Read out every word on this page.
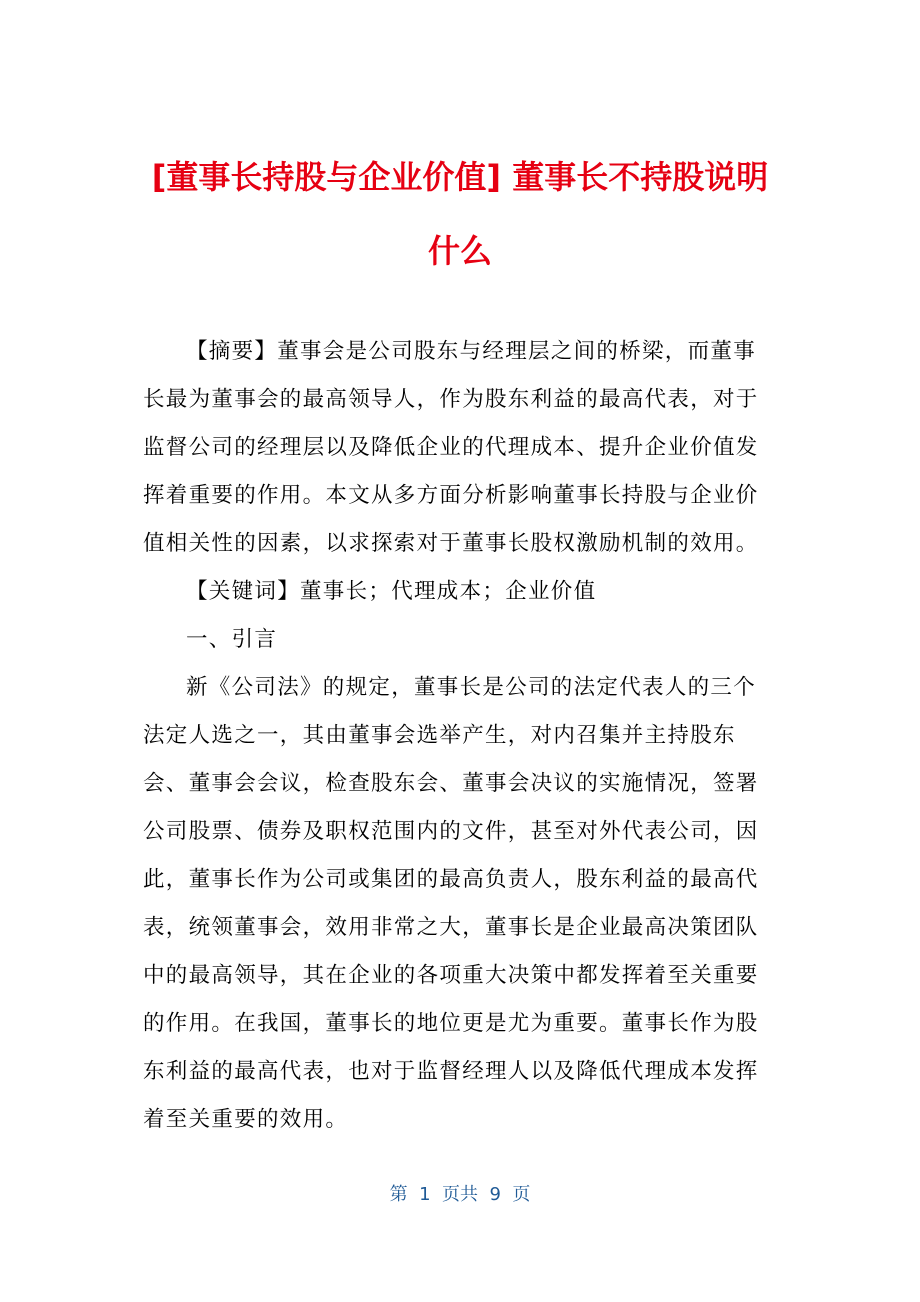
[董事长持股与企业价值] 董事长不持股说明
什么
【摘要】董事会是公司股东与经理层之间的桥梁，而董事
长最为董事会的最高领导人，作为股东利益的最高代表，对于
监督公司的经理层以及降低企业的代理成本、提升企业价值发
挥着重要的作用。本文从多方面分析影响董事长持股与企业价
值相关性的因素，以求探索对于董事长股权激励机制的效用。
【关键词】董事长；代理成本；企业价值
一、引言
新《公司法》的规定，董事长是公司的法定代表人的三个
法定人选之一，其由董事会选举产生，对内召集并主持股东
会、董事会会议，检查股东会、董事会决议的实施情况，签署
公司股票、债券及职权范围内的文件，甚至对外代表公司，因
此，董事长作为公司或集团的最高负责人，股东利益的最高代
表，统领董事会，效用非常之大，董事长是企业最高决策团队
中的最高领导，其在企业的各项重大决策中都发挥着至关重要
的作用。在我国，董事长的地位更是尤为重要。董事长作为股
东利益的最高代表，也对于监督经理人以及降低代理成本发挥
着至关重要的效用。
第  1  页共  9  页
